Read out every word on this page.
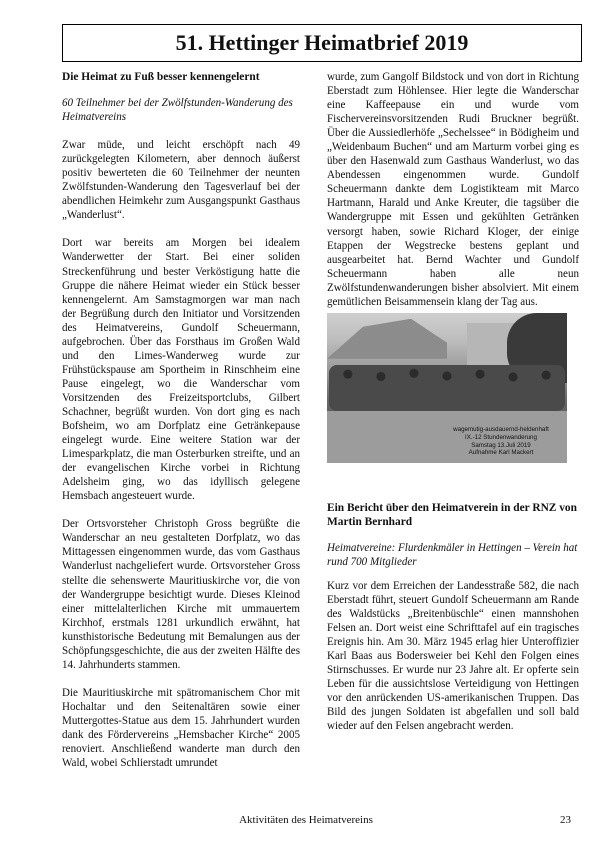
51. Hettinger Heimatbrief 2019
Die Heimat zu Fuß besser kennengelernt
60 Teilnehmer bei der Zwölfstunden-Wanderung des Heimatvereins

Zwar müde, und leicht erschöpft nach 49 zurückgelegten Kilometern, aber dennoch äußerst positiv bewerteten die 60 Teilnehmer der neunten Zwölfstunden-Wanderung den Tagesverlauf bei der abendlichen Heimkehr zum Ausgangspunkt Gasthaus „Wanderlust“.

Dort war bereits am Morgen bei idealem Wanderwetter der Start. Bei einer soliden Streckenführung und bester Verköstigung hatte die Gruppe die nähere Heimat wieder ein Stück besser kennengelernt. Am Samstagmorgen war man nach der Begrüßung durch den Initiator und Vorsitzenden des Heimatvereins, Gundolf Scheuermann, aufgebrochen. Über das Forsthaus im Großen Wald und den Limes-Wanderweg wurde zur Frühstückspause am Sportheim in Rinschheim eine Pause eingelegt, wo die Wanderschar vom Vorsitzenden des Freizeitsportclubs, Gilbert Schachner, begrüßt wurden. Von dort ging es nach Bofsheim, wo am Dorfplatz eine Getränkepause eingelegt wurde. Eine weitere Station war der Limesparkplatz, die man Osterburken streifte, und an der evangelischen Kirche vorbei in Richtung Adelsheim ging, wo das idyllisch gelegene Hemsbach angesteuert wurde.

Der Ortsvorsteher Christoph Gross begrüßte die Wanderschar an neu gestalteten Dorfplatz, wo das Mittagessen eingenommen wurde, das vom Gasthaus Wanderlust nachgeliefert wurde. Ortsvorsteher Gross stellte die sehenswerte Mauritiuskirche vor, die von der Wandergruppe besichtigt wurde. Dieses Kleinod einer mittelalterlichen Kirche mit ummauertem Kirchhof, erstmals 1281 urkundlich erwähnt, hat kunsthistorische Bedeutung mit Bemalungen aus der Schöpfungsgeschichte, die aus der zweiten Hälfte des 14. Jahrhunderts stammen.

Die Mauritiuskirche mit spätromanischem Chor mit Hochaltar und den Seitenaltären sowie einer Muttergottes-Statue aus dem 15. Jahrhundert wurden dank des Fördervereins „Hemsbacher Kirche“ 2005 renoviert. Anschließend wanderte man durch den Wald, wobei Schlierstadt umrundet

wurde, zum Gangolf Bildstock und von dort in Richtung Eberstadt zum Höhlensee. Hier legte die Wanderschar eine Kaffeepause ein und wurde vom Fischervereinsvorsitzenden Rudi Bruckner begrüßt. Über die Aussiedlerhöfe „Sechelssee“ in Bödigheim und „Weidenbaum Buchen“ und am Marturm vorbei ging es über den Hasenwald zum Gasthaus Wanderlust, wo das Abendessen eingenommen wurde. Gundolf Scheuermann dankte dem Logistikteam mit Marco Hartmann, Harald und Anke Kreuter, die tagsüber die Wandergruppe mit Essen und gekühlten Getränken versorgt haben, sowie Richard Kloger, der einige Etappen der Wegstrecke bestens geplant und ausgearbeitet hat. Bernd Wachter und Gundolf Scheuermann haben alle neun Zwölfstundenwanderungen bisher absolviert. Mit einem gemütlichen Beisammensein klang der Tag aus.

wagemutig-ausdauernd-heldenhaft
IX.-12 Stundenwanderung
Samstag 13.Juli 2019
Aufnahme Karl Mackert
Ein Bericht über den Heimatverein in der RNZ von Martin Bernhard
Heimatvereine: Flurdenkmäler in Hettingen – Verein hat rund 700 Mitglieder

Kurz vor dem Erreichen der Landesstraße 582, die nach Eberstadt führt, steuert Gundolf Scheuermann am Rande des Waldstücks „Breitenbüschle“ einen mannshohen Felsen an. Dort weist eine Schrifttafel auf ein tragisches Ereignis hin. Am 30. März 1945 erlag hier Unteroffizier Karl Baas aus Bodersweier bei Kehl den Folgen eines Stirnschusses. Er wurde nur 23 Jahre alt. Er opferte sein Leben für die aussichtslose Verteidigung von Hettingen vor den anrückenden US-amerikanischen Truppen. Das Bild des jungen Soldaten ist abgefallen und soll bald wieder auf den Felsen angebracht werden.

Aktivitäten des Heimatvereins	23
